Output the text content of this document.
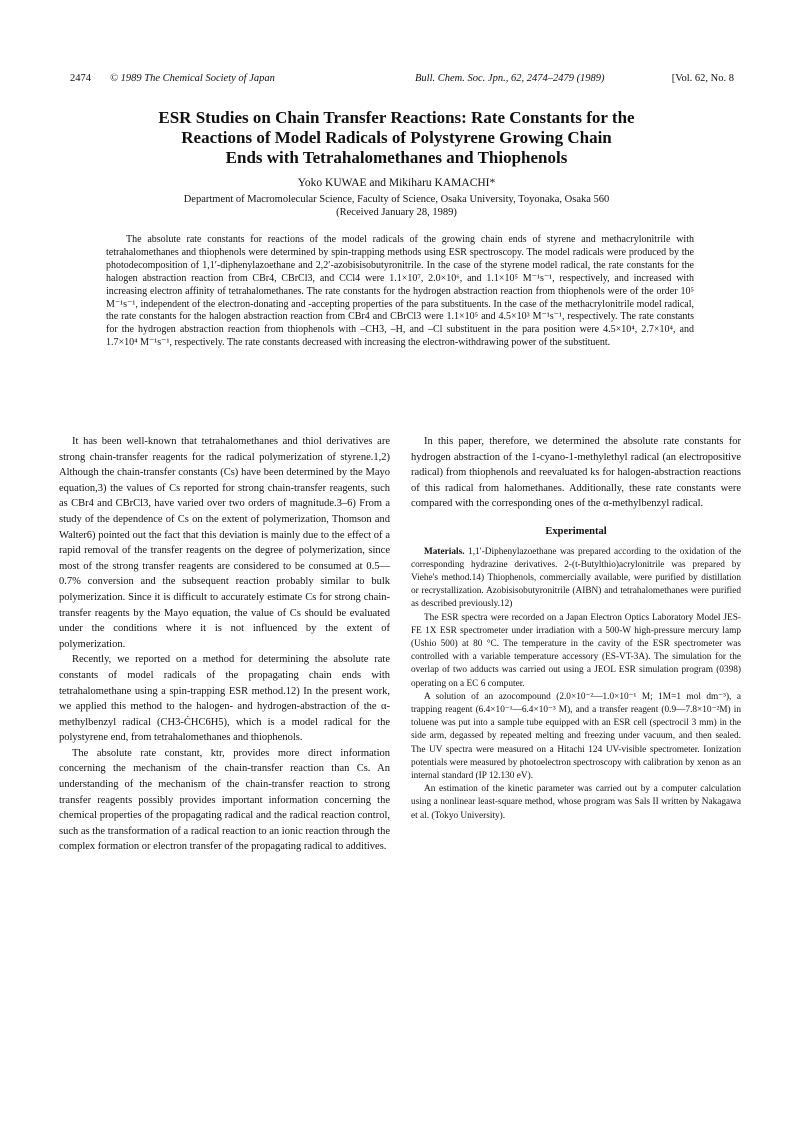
2474 © 1989 The Chemical Society of Japan	Bull. Chem. Soc. Jpn., 62, 2474–2479 (1989)	[Vol. 62, No. 8
ESR Studies on Chain Transfer Reactions: Rate Constants for the
Reactions of Model Radicals of Polystyrene Growing Chain
Ends with Tetrahalomethanes and Thiophenols
Yoko KUWAE and Mikiharu KAMACHI*
Department of Macromolecular Science, Faculty of Science, Osaka University, Toyonaka, Osaka 560
(Received January 28, 1989)
The absolute rate constants for reactions of the model radicals of the growing chain ends of styrene and methacrylonitrile with tetrahalomethanes and thiophenols were determined by spin-trapping methods using ESR spectroscopy. The model radicals were produced by the photodecomposition of 1,1′-diphenylazoethane and 2,2′-azobisisobutyronitrile. In the case of the styrene model radical, the rate constants for the halogen abstraction reaction from CBr4, CBrCl3, and CCl4 were 1.1×10⁷, 2.0×10⁶, and 1.1×10⁵ M⁻¹s⁻¹, respectively, and increased with increasing electron affinity of tetrahalomethanes. The rate constants for the hydrogen abstraction reaction from thiophenols were of the order 10⁵ M⁻¹s⁻¹, independent of the electron-donating and -accepting properties of the para substituents. In the case of the methacrylonitrile model radical, the rate constants for the halogen abstraction reaction from CBr4 and CBrCl3 were 1.1×10⁵ and 4.5×10³ M⁻¹s⁻¹, respectively. The rate constants for the hydrogen abstraction reaction from thiophenols with –CH3, –H, and –Cl substituent in the para position were 4.5×10⁴, 2.7×10⁴, and 1.7×10⁴ M⁻¹s⁻¹, respectively. The rate constants decreased with increasing the electron-withdrawing power of the substituent.

It has been well-known that tetrahalomethanes and thiol derivatives are strong chain-transfer reagents for the radical polymerization of styrene.1,2) Although the chain-transfer constants (Cs) have been determined by the Mayo equation,3) the values of Cs reported for strong chain-transfer reagents, such as CBr4 and CBrCl3, have varied over two orders of magnitude.3–6) From a study of the dependence of Cs on the extent of polymerization, Thomson and Walter6) pointed out the fact that this deviation is mainly due to the effect of a rapid removal of the transfer reagents on the degree of polymerization, since most of the strong transfer reagents are considered to be consumed at 0.5—0.7% conversion and the subsequent reaction probably similar to bulk polymerization. Since it is difficult to accurately estimate Cs for strong chain-transfer reagents by the Mayo equation, the value of Cs should be evaluated under the conditions where it is not influenced by the extent of polymerization.

Recently, we reported on a method for determining the absolute rate constants of model radicals of the propagating chain ends with tetrahalomethane using a spin-trapping ESR method.12) In the present work, we applied this method to the halogen- and hydrogen-abstraction of the α-methylbenzyl radical (CH3-ĊHC6H5), which is a model radical for the polystyrene end, from tetrahalomethanes and thiophenols.

The absolute rate constant, ktr, provides more direct information concerning the mechanism of the chain-transfer reaction than Cs. An understanding of the mechanism of the chain-transfer reaction to strong transfer reagents possibly provides important information concerning the chemical properties of the propagating radical and the radical reaction control, such as the transformation of a radical reaction to an ionic reaction through the complex formation or electron transfer of the propagating radical to additives.

In this paper, therefore, we determined the absolute rate constants for hydrogen abstraction of the 1-cyano-1-methylethyl radical (an electropositive radical) from thiophenols and reevaluated ks for halogen-abstraction reactions of this radical from halomethanes. Additionally, these rate constants were compared with the corresponding ones of the α-methylbenzyl radical.

Experimental

Materials. 1,1′-Diphenylazoethane was prepared according to the oxidation of the corresponding hydrazine derivatives. 2-(t-Butylthio)acrylonitrile was prepared by Viehe's method.14) Thiophenols, commercially available, were purified by distillation or recrystallization. Azobisisobutyronitrile (AIBN) and tetrahalomethanes were purified as described previously.12)

The ESR spectra were recorded on a Japan Electron Optics Laboratory Model JES-FE 1X ESR spectrometer under irradiation with a 500-W high-pressure mercury lamp (Ushio 500) at 80 °C. The temperature in the cavity of the ESR spectrometer was controlled with a variable temperature accessory (ES-VT-3A). The simulation for the overlap of two adducts was carried out using a JEOL ESR simulation program (0398) operating on a EC 6 computer.

A solution of an azocompound (2.0×10⁻²—1.0×10⁻¹ M; 1M=1 mol dm⁻³), a trapping reagent (6.4×10⁻¹—6.4×10⁻³ M), and a transfer reagent (0.9—7.8×10⁻²M) in toluene was put into a sample tube equipped with an ESR cell (spectrocil 3 mm) in the side arm, degassed by repeated melting and freezing under vacuum, and then sealed. The UV spectra were measured on a Hitachi 124 UV-visible spectrometer. Ionization potentials were measured by photoelectron spectroscopy with calibration by xenon as an internal standard (IP 12.130 eV).

An estimation of the kinetic parameter was carried out by a computer calculation using a nonlinear least-square method, whose program was Sals II written by Nakagawa et al. (Tokyo University).
